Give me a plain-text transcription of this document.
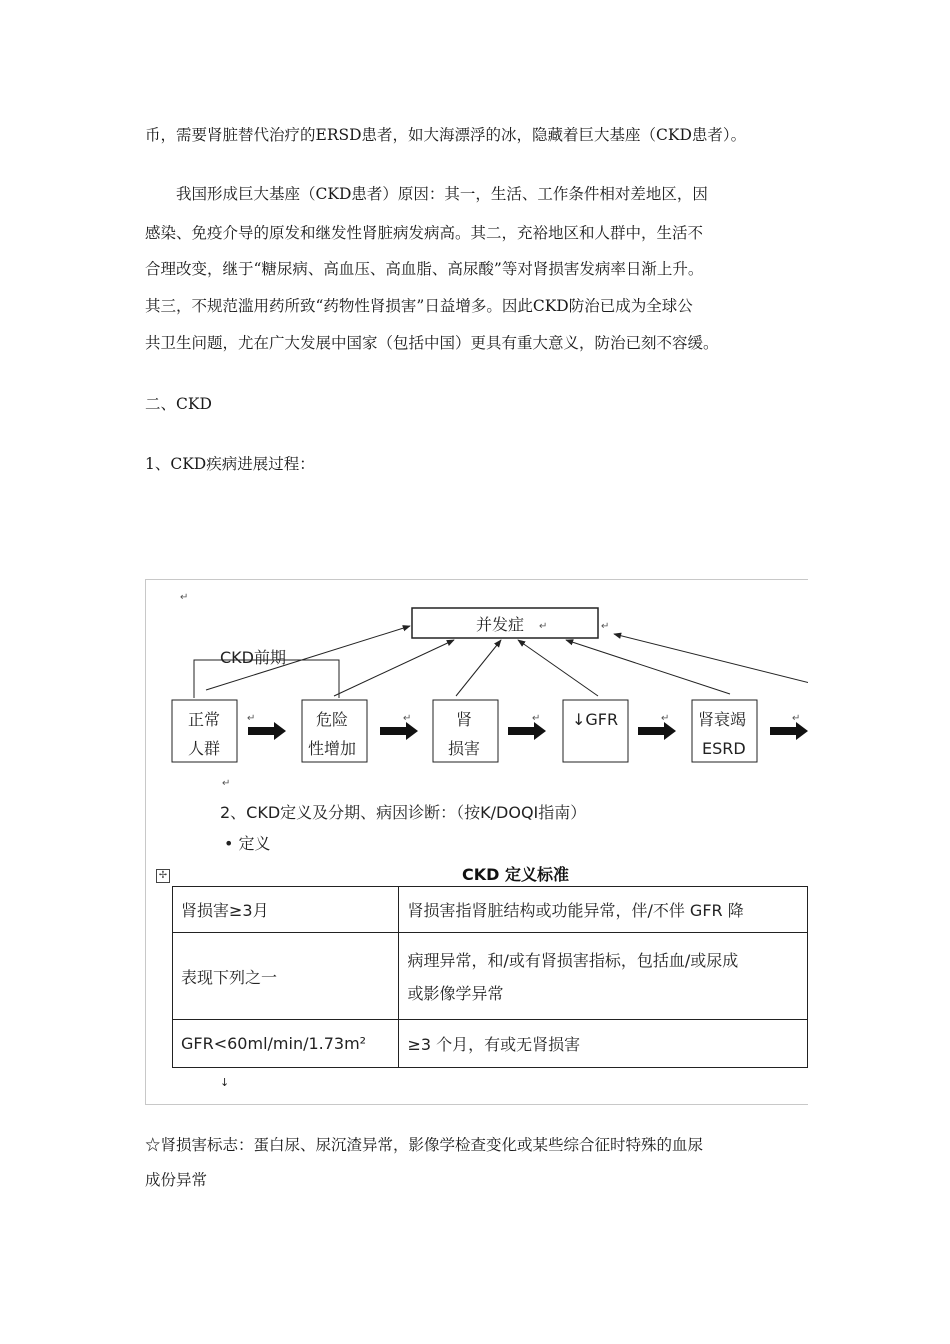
币，需要肾脏替代治疗的ERSD患者，如大海漂浮的冰，隐藏着巨大基座（CKD患者）。

我国形成巨大基座（CKD患者）原因：其一，生活、工作条件相对差地区，因

感染、免疫介导的原发和继发性肾脏病发病高。其二，充裕地区和人群中，生活不

合理改变，继于“糖尿病、高血压、高血脂、高尿酸”等对肾损害发病率日渐上升。

其三，不规范滥用药所致“药物性肾损害”日益增多。因此CKD防治已成为全球公

共卫生问题，尤在广大发展中国家（包括中国）更具有重大意义，防治已刻不容缓。

二、CKD

1、CKD疾病进展过程：

↵
并发症 ↵	↵
CKD前期
正常
人群
危险
性增加
肾
损害
↓GFR	肾衰竭
ESRD
↵	↵	↵	↵	↵
↵
2、CKD定义及分期、病因诊断：（按K/DOQI指南）
• 定义
✢	CKD 定义标准
肾损害≥3月	肾损害指肾脏结构或功能异常，伴/不伴 GFR 降
表现下列之一	病理异常，和/或有肾损害指标，包括血/或尿成
或影像学异常

GFR<60ml/min/1.73m²	≥3 个月，有或无肾损害
↓

☆肾损害标志：蛋白尿、尿沉渣异常，影像学检查变化或某些综合征时特殊的血尿

成份异常
